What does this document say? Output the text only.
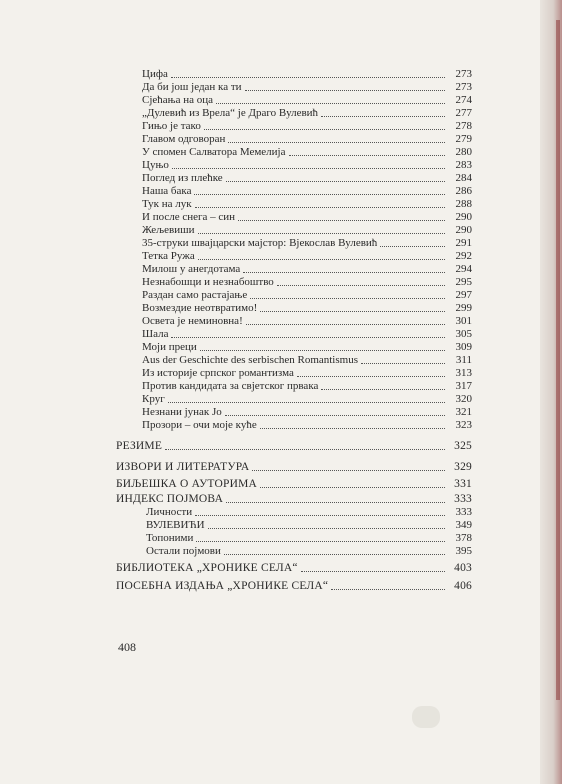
Цифа	273
Да би још један ка ти	273
Сјећања на оца	274
„Дулевић из Врела“ је Драго Вулевић	277
Гињо је тако	278
Главом одговоран	279
У спомен Салватора Мемелија	280
Цуњо	283
Поглед из плећке	284
Наша бака	286
Тук на лук	288
И после снега – син	290
Жељевиши	290
35-струки швајцарски мајстор: Вјекослав Вулевић	291
Тетка Ружа	292
Милош у анегдотама	294
Незнабошци и незнабоштво	295
Раздан само растајање	297
Возмездие неотвратимо!	299
Освета је неминовна!	301
Шала	305
Моји преци	309
Aus der Geschichte des serbischen Romantismus	311
Из историје српског романтизма	313
Против кандидата за свјетског првака	317
Круг	320
Незнани јунак Јо	321
Прозори – очи моје куће	323
РЕЗИМЕ	325
ИЗВОРИ И ЛИТЕРАТУРА	329
БИЉЕШКА О АУТОРИМА	331
ИНДЕКС ПОЈМОВА	333
Личности	333
ВУЛЕВИЋИ	349
Топоними	378
Остали појмови	395
БИБЛИОТЕКА „ХРОНИКЕ СЕЛА“	403
ПОСЕБНА ИЗДАЊА „ХРОНИКЕ СЕЛА“	406
408
